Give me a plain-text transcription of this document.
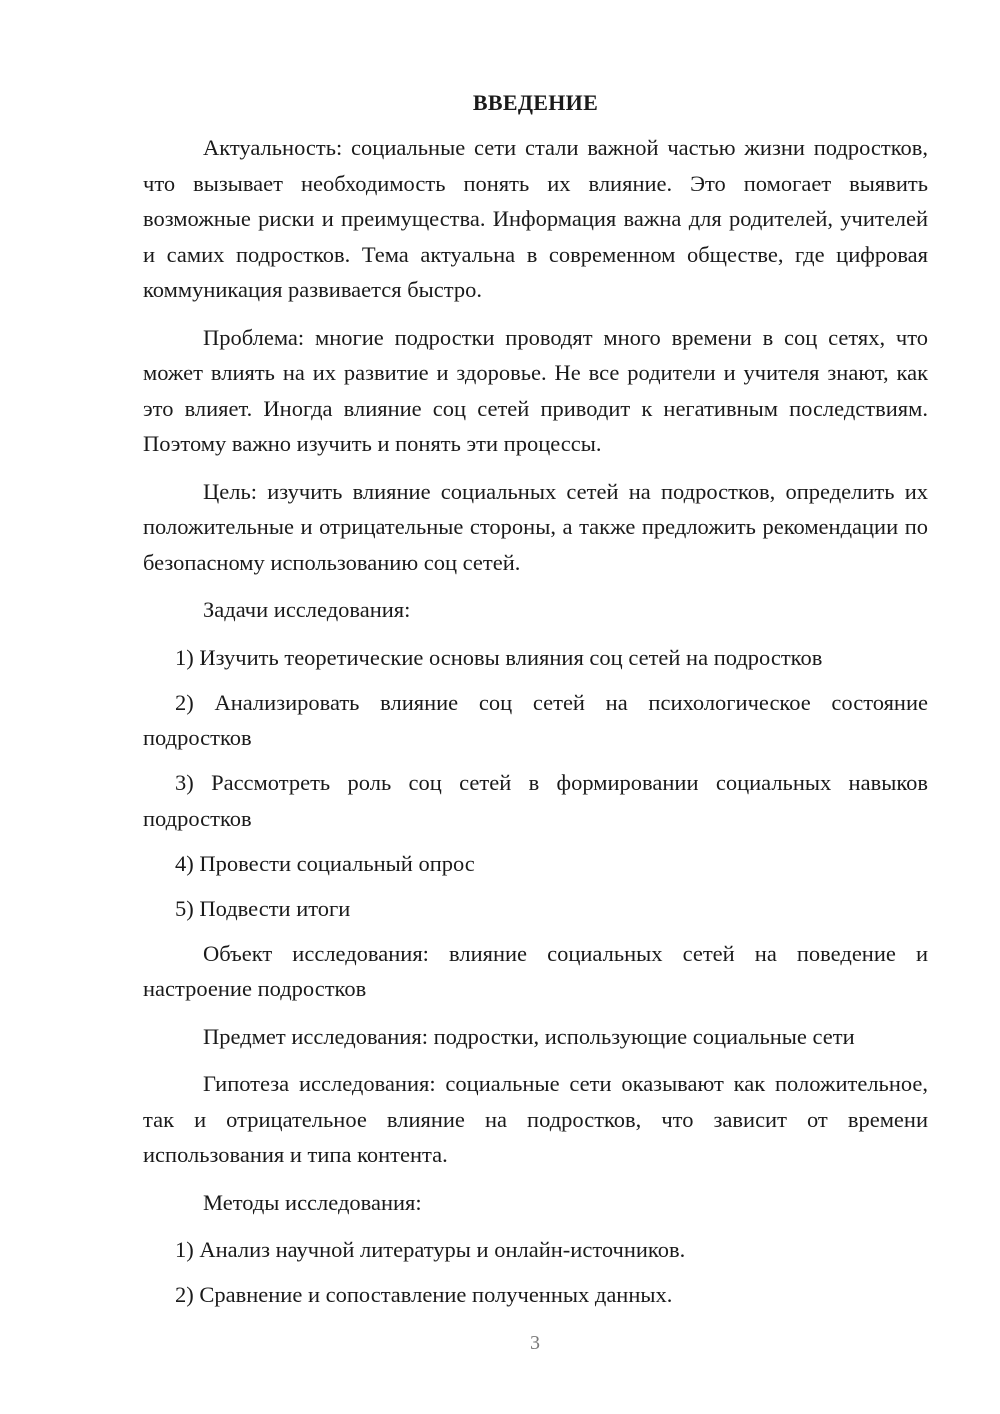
ВВЕДЕНИЕ

Актуальность: социальные сети стали важной частью жизни подростков, что вызывает необходимость понять их влияние. Это помогает выявить возможные риски и преимущества. Информация важна для родителей, учителей и самих подростков. Тема актуальна в современном обществе, где цифровая коммуникация развивается быстро.

Проблема: многие подростки проводят много времени в соц сетях, что может влиять на их развитие и здоровье. Не все родители и учителя знают, как это влияет. Иногда влияние соц сетей приводит к негативным последствиям. Поэтому важно изучить и понять эти процессы.

Цель: изучить влияние социальных сетей на подростков, определить их положительные и отрицательные стороны, а также предложить рекомендации по безопасному использованию соц сетей.

Задачи исследования:

1) Изучить теоретические основы влияния соц сетей на подростков

2) Анализировать влияние соц сетей на психологическое состояние подростков

3) Рассмотреть роль соц сетей в формировании социальных навыков подростков

4) Провести социальный опрос

5) Подвести итоги

Объект исследования: влияние социальных сетей на поведение и настроение подростков

Предмет исследования: подростки, использующие социальные сети

Гипотеза исследования: социальные сети оказывают как положительное, так и отрицательное влияние на подростков, что зависит от времени использования и типа контента.

Методы исследования:

1) Анализ научной литературы и онлайн-источников.

2) Сравнение и сопоставление полученных данных.

3
